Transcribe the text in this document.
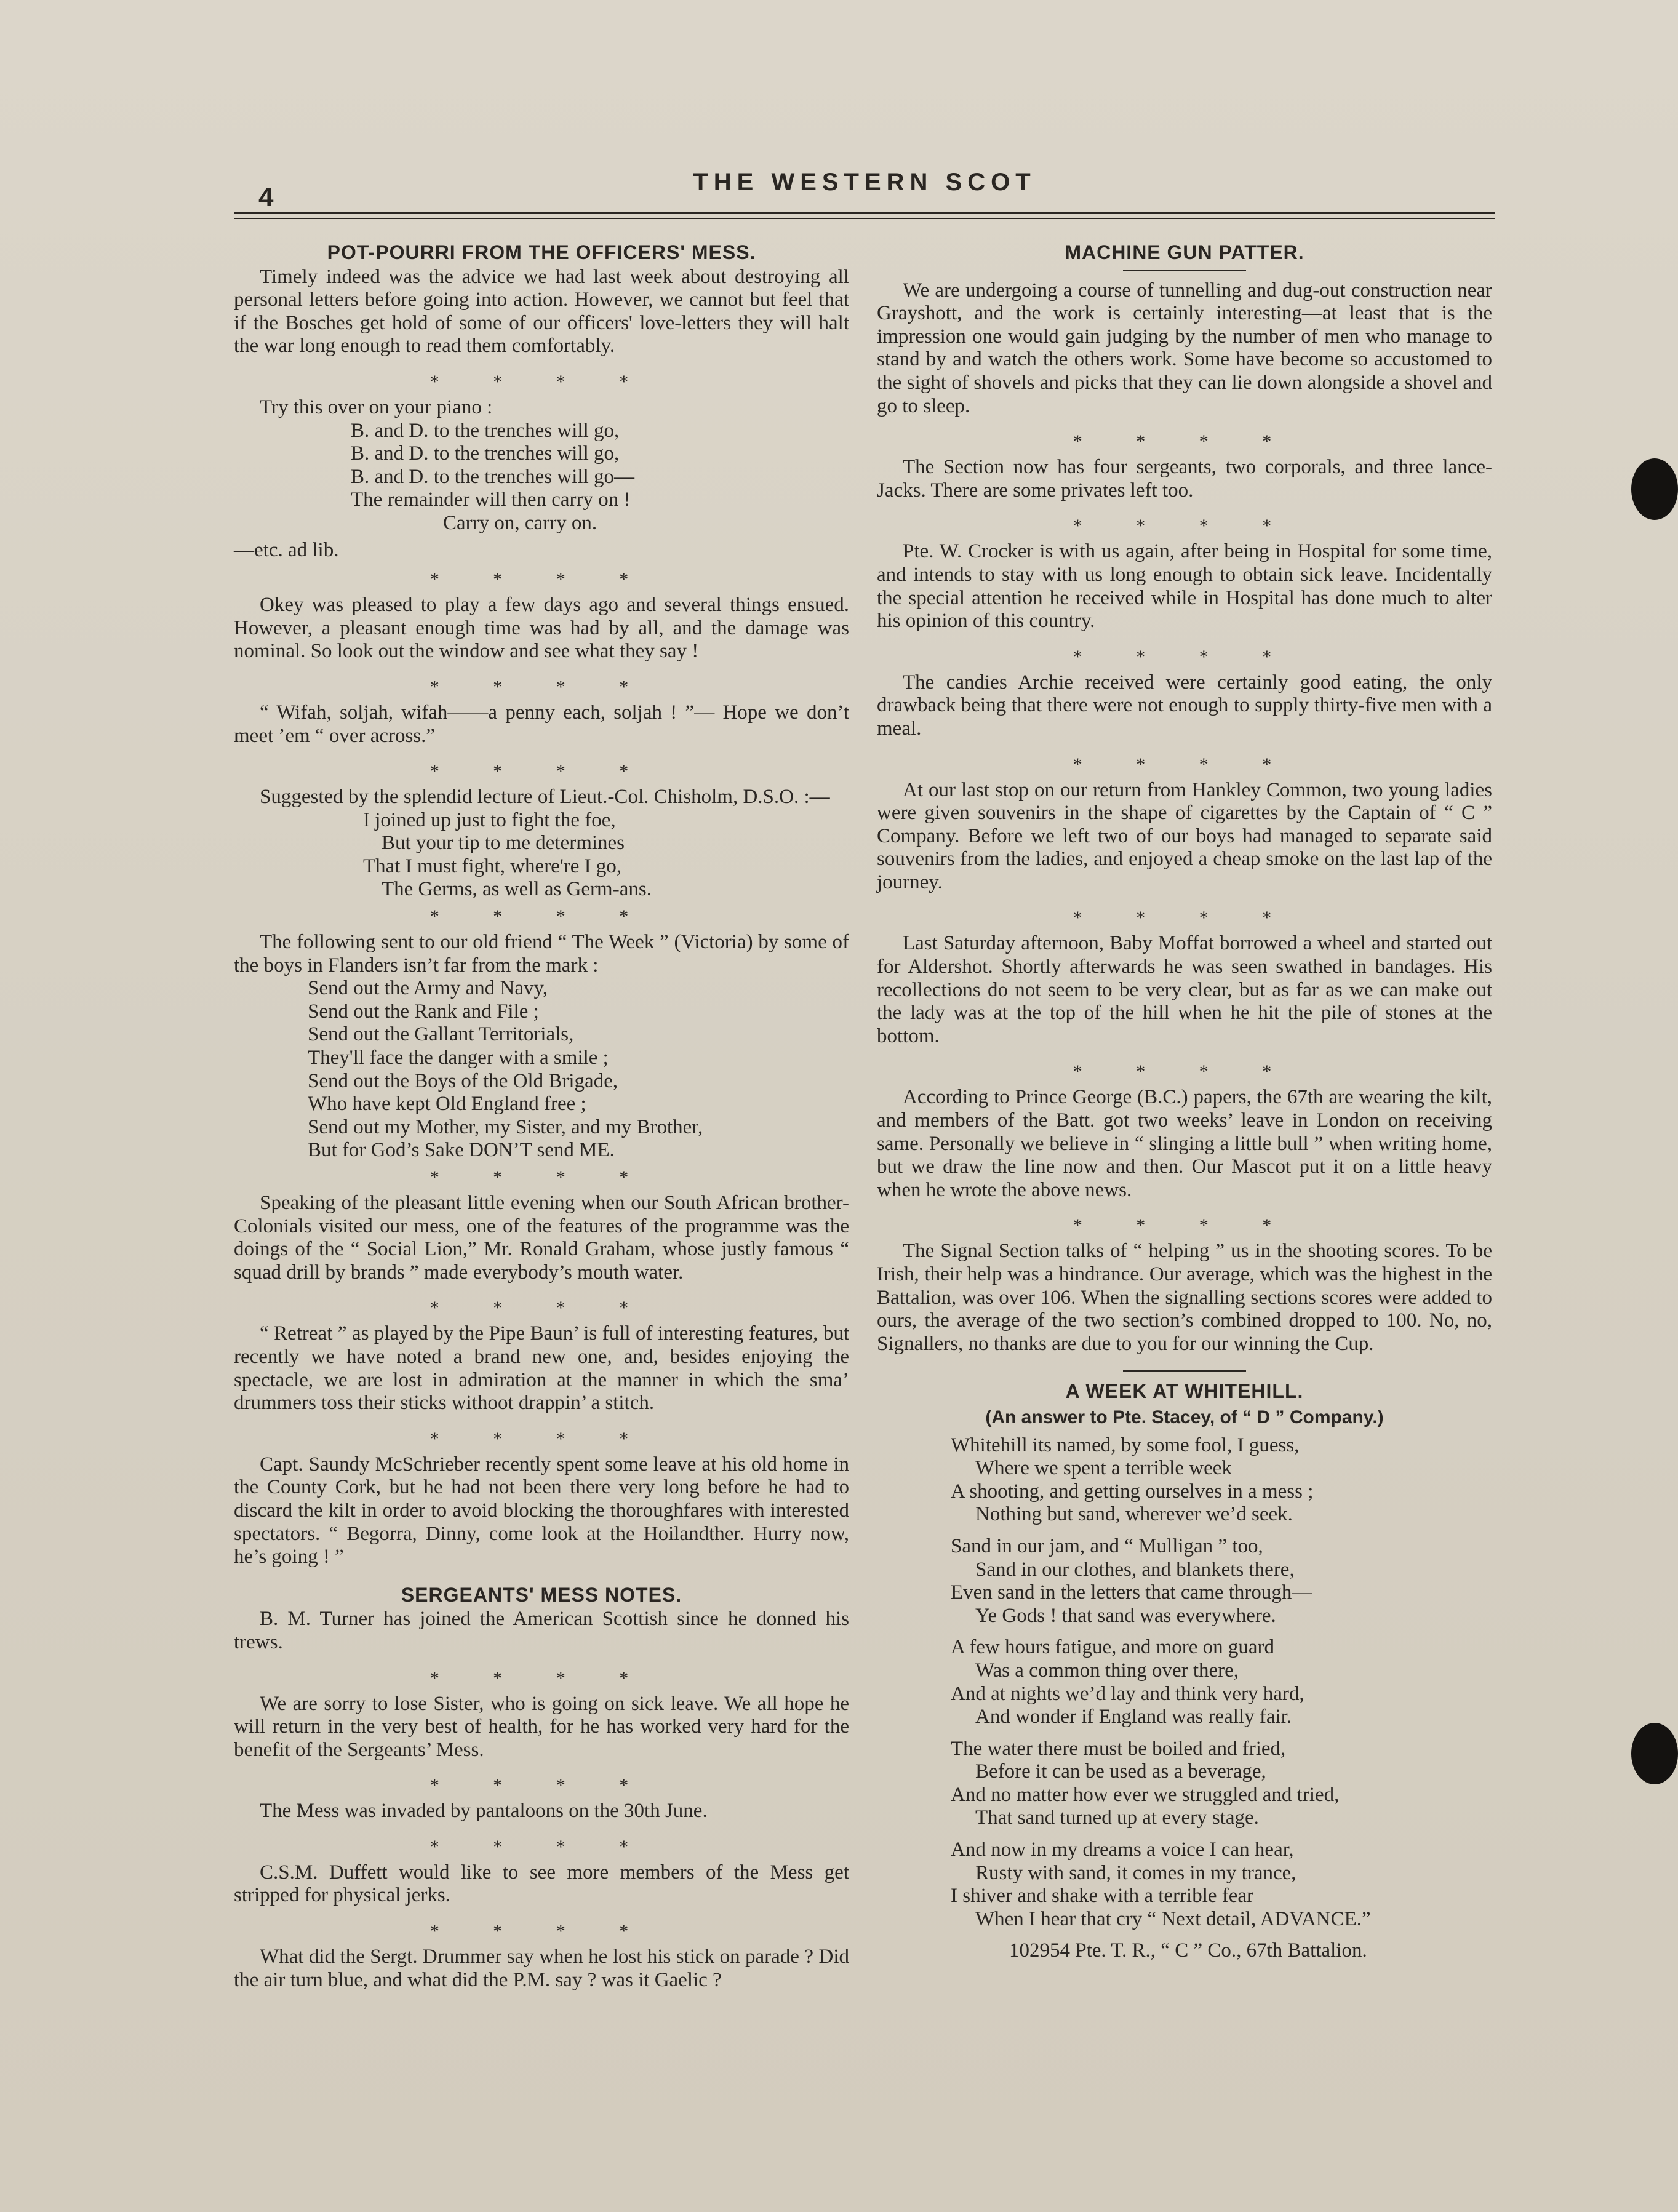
4	THE WESTERN SCOT
POT-POURRI FROM THE OFFICERS' MESS.

Timely indeed was the advice we had last week about destroying all personal letters before going into action. However, we cannot but feel that if the Bosches get hold of some of our officers' love-letters they will halt the war long enough to read them comfortably.

* * * *

Try this over on your piano :

B. and D. to the trenches will go,
B. and D. to the trenches will go,
B. and D. to the trenches will go—
The remainder will then carry on !
Carry on, carry on.
—etc. ad lib.
* * * *

Okey was pleased to play a few days ago and several things ensued. However, a pleasant enough time was had by all, and the damage was nominal. So look out the window and see what they say !

* * * *

“ Wifah, soljah, wifah——a penny each, soljah ! ”— Hope we don’t meet ’em “ over across.”

* * * *

Suggested by the splendid lecture of Lieut.-Col. Chisholm, D.S.O. :—

I joined up just to fight the foe,
But your tip to me determines
That I must fight, where're I go,
The Germs, as well as Germ-ans.
* * * *

The following sent to our old friend “ The Week ” (Victoria) by some of the boys in Flanders isn’t far from the mark :

Send out the Army and Navy,
Send out the Rank and File ;
Send out the Gallant Territorials,
They'll face the danger with a smile ;
Send out the Boys of the Old Brigade,
Who have kept Old England free ;
Send out my Mother, my Sister, and my Brother,
But for God’s Sake DON’T send ME.
* * * *

Speaking of the pleasant little evening when our South African brother-Colonials visited our mess, one of the features of the programme was the doings of the “ Social Lion,” Mr. Ronald Graham, whose justly famous “ squad drill by brands ” made everybody’s mouth water.

* * * *

“ Retreat ” as played by the Pipe Baun’ is full of interesting features, but recently we have noted a brand new one, and, besides enjoying the spectacle, we are lost in admiration at the manner in which the sma’ drummers toss their sticks withoot drappin’ a stitch.

* * * *

Capt. Saundy McSchrieber recently spent some leave at his old home in the County Cork, but he had not been there very long before he had to discard the kilt in order to avoid blocking the thoroughfares with interested spectators. “ Begorra, Dinny, come look at the Hoilandther. Hurry now, he’s going ! ”

SERGEANTS' MESS NOTES.

B. M. Turner has joined the American Scottish since he donned his trews.

* * * *

We are sorry to lose Sister, who is going on sick leave. We all hope he will return in the very best of health, for he has worked very hard for the benefit of the Sergeants’ Mess.

* * * *

The Mess was invaded by pantaloons on the 30th June.

* * * *

C.S.M. Duffett would like to see more members of the Mess get stripped for physical jerks.

* * * *

What did the Sergt. Drummer say when he lost his stick on parade ? Did the air turn blue, and what did the P.M. say ? was it Gaelic ?

MACHINE GUN PATTER.

We are undergoing a course of tunnelling and dug-out construction near Grayshott, and the work is certainly interesting—at least that is the impression one would gain judging by the number of men who manage to stand by and watch the others work. Some have become so accustomed to the sight of shovels and picks that they can lie down alongside a shovel and go to sleep.

* * * *

The Section now has four sergeants, two corporals, and three lance-Jacks. There are some privates left too.

* * * *

Pte. W. Crocker is with us again, after being in Hospital for some time, and intends to stay with us long enough to obtain sick leave. Incidentally the special attention he received while in Hospital has done much to alter his opinion of this country.

* * * *

The candies Archie received were certainly good eating, the only drawback being that there were not enough to supply thirty-five men with a meal.

* * * *

At our last stop on our return from Hankley Common, two young ladies were given souvenirs in the shape of cigarettes by the Captain of “ C ” Company. Before we left two of our boys had managed to separate said souvenirs from the ladies, and enjoyed a cheap smoke on the last lap of the journey.

* * * *

Last Saturday afternoon, Baby Moffat borrowed a wheel and started out for Aldershot. Shortly afterwards he was seen swathed in bandages. His recollections do not seem to be very clear, but as far as we can make out the lady was at the top of the hill when he hit the pile of stones at the bottom.

* * * *

According to Prince George (B.C.) papers, the 67th are wearing the kilt, and members of the Batt. got two weeks’ leave in London on receiving same. Personally we believe in “ slinging a little bull ” when writing home, but we draw the line now and then. Our Mascot put it on a little heavy when he wrote the above news.

* * * *

The Signal Section talks of “ helping ” us in the shooting scores. To be Irish, their help was a hindrance. Our average, which was the highest in the Battalion, was over 106. When the signalling sections scores were added to ours, the average of the two section’s combined dropped to 100. No, no, Signallers, no thanks are due to you for our winning the Cup.

A WEEK AT WHITEHILL.
(An answer to Pte. Stacey, of “ D ” Company.)
Whitehill its named, by some fool, I guess,
Where we spent a terrible week
A shooting, and getting ourselves in a mess ;
Nothing but sand, wherever we’d seek.
Sand in our jam, and “ Mulligan ” too,
Sand in our clothes, and blankets there,
Even sand in the letters that came through—
Ye Gods ! that sand was everywhere.
A few hours fatigue, and more on guard
Was a common thing over there,
And at nights we’d lay and think very hard,
And wonder if England was really fair.
The water there must be boiled and fried,
Before it can be used as a beverage,
And no matter how ever we struggled and tried,
That sand turned up at every stage.
And now in my dreams a voice I can hear,
Rusty with sand, it comes in my trance,
I shiver and shake with a terrible fear
When I hear that cry “ Next detail, ADVANCE.”
102954 Pte. T. R., “ C ” Co., 67th Battalion.
